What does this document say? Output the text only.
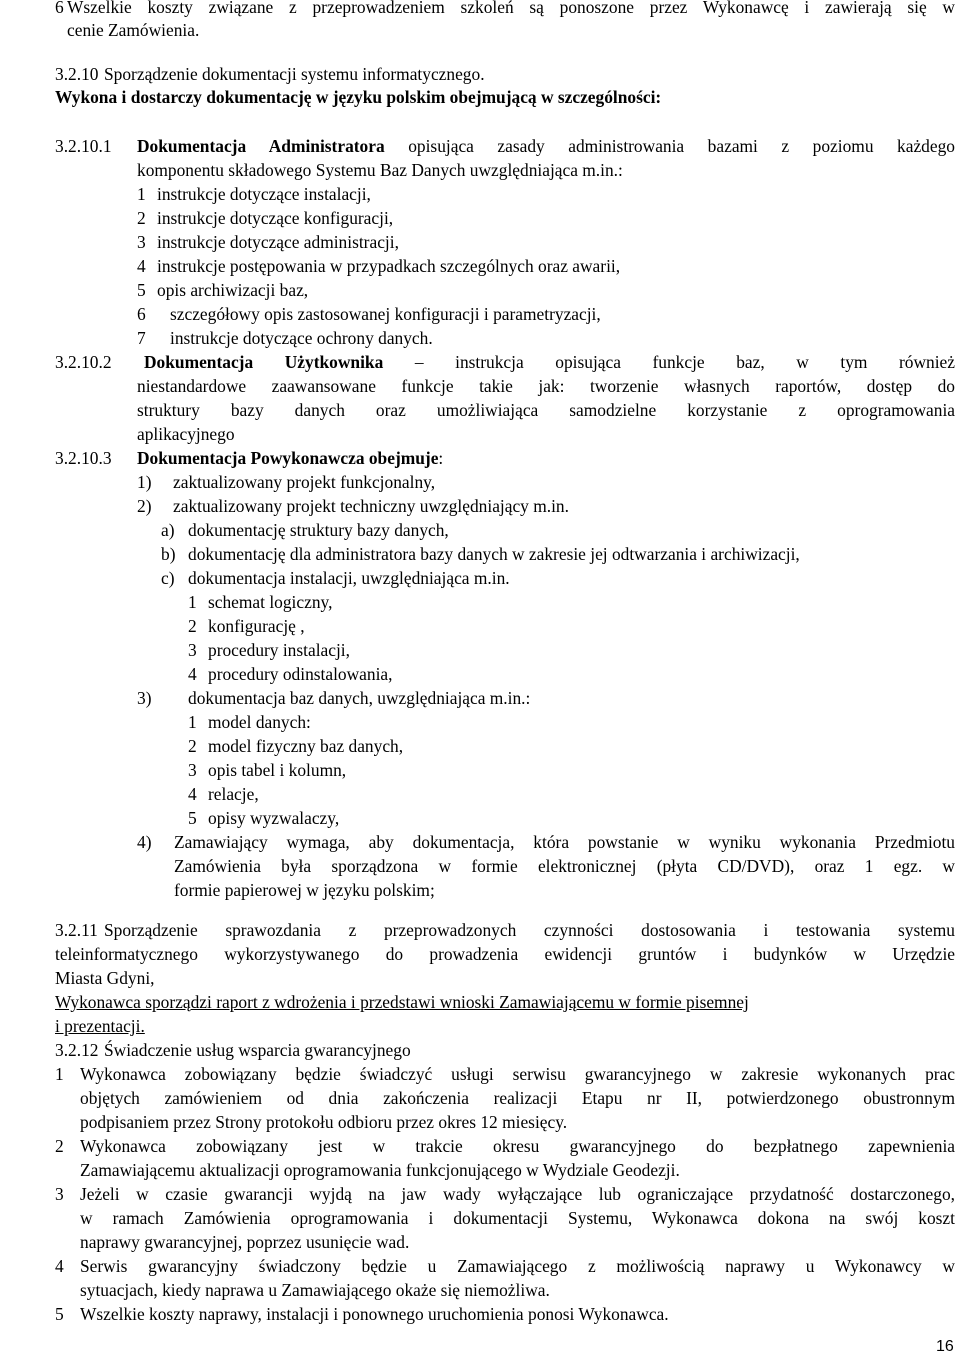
6 Wszelkie koszty związane z przeprowadzeniem szkoleń są ponoszone przez Wykonawcę i zawierają się w
cenie Zamówienia.
3.2.10 Sporządzenie dokumentacji systemu informatycznego.
Wykona i dostarczy dokumentację w języku polskim obejmującą w szczególności:
3.2.10.1 Dokumentacja Administratora opisująca zasady administrowania bazami z poziomu każdego
komponentu składowego Systemu Baz Danych uwzględniająca m.in.:
1 instrukcje dotyczące instalacji,
2 instrukcje dotyczące konfiguracji,
3 instrukcje dotyczące administracji,
4 instrukcje postępowania w przypadkach szczególnych oraz awarii,
5 opis archiwizacji baz,
6 szczegółowy opis zastosowanej konfiguracji i parametryzacji,
7 instrukcje dotyczące ochrony danych.
3.2.10.2 Dokumentacja Użytkownika – instrukcja opisująca funkcje baz, w tym również
niestandardowe zaawansowane funkcje takie jak: tworzenie własnych raportów, dostęp do
struktury bazy danych oraz umożliwiająca samodzielne korzystanie z oprogramowania
aplikacyjnego
3.2.10.3 Dokumentacja Powykonawcza obejmuje:
1) zaktualizowany projekt funkcjonalny,
2) zaktualizowany projekt techniczny uwzględniający m.in.
a) dokumentację struktury bazy danych,
b) dokumentację dla administratora bazy danych w zakresie jej odtwarzania i archiwizacji,
c) dokumentacja instalacji, uwzględniająca m.in.
1 schemat logiczny,
2 konfigurację ,
3 procedury instalacji,
4 procedury odinstalowania,
3) dokumentacja baz danych, uwzględniająca m.in.:
1 model danych:
2 model fizyczny baz danych,
3 opis tabel i kolumn,
4 relacje,
5 opisy wyzwalaczy,
4) Zamawiający wymaga, aby dokumentacja, która powstanie w wyniku wykonania Przedmiotu
Zamówienia była sporządzona w formie elektronicznej (płyta CD/DVD), oraz 1 egz. w
formie papierowej w języku polskim;
3.2.11 Sporządzenie sprawozdania z przeprowadzonych czynności dostosowania i testowania systemu
teleinformatycznego wykorzystywanego do prowadzenia ewidencji gruntów i budynków w Urzędzie
Miasta Gdyni,
Wykonawca sporządzi raport z wdrożenia i przedstawi wnioski Zamawiającemu w formie pisemnej
i prezentacji.
3.2.12 Świadczenie usług wsparcia gwarancyjnego
1 Wykonawca zobowiązany będzie świadczyć usługi serwisu gwarancyjnego w zakresie wykonanych prac
objętych zamówieniem od dnia zakończenia realizacji Etapu nr II, potwierdzonego obustronnym
podpisaniem przez Strony protokołu odbioru przez okres 12 miesięcy.
2 Wykonawca zobowiązany jest w trakcie okresu gwarancyjnego do bezpłatnego zapewnienia
Zamawiającemu aktualizacji oprogramowania funkcjonującego w Wydziale Geodezji.
3 Jeżeli w czasie gwarancji wyjdą na jaw wady wyłączające lub ograniczające przydatność dostarczonego,
w ramach Zamówienia oprogramowania i dokumentacji Systemu, Wykonawca dokona na swój koszt
naprawy gwarancyjnej, poprzez usunięcie wad.
4 Serwis gwarancyjny świadczony będzie u Zamawiającego z możliwością naprawy u Wykonawcy w
sytuacjach, kiedy naprawa u Zamawiającego okaże się niemożliwa.
5 Wszelkie koszty naprawy, instalacji i ponownego uruchomienia ponosi Wykonawca.
16
